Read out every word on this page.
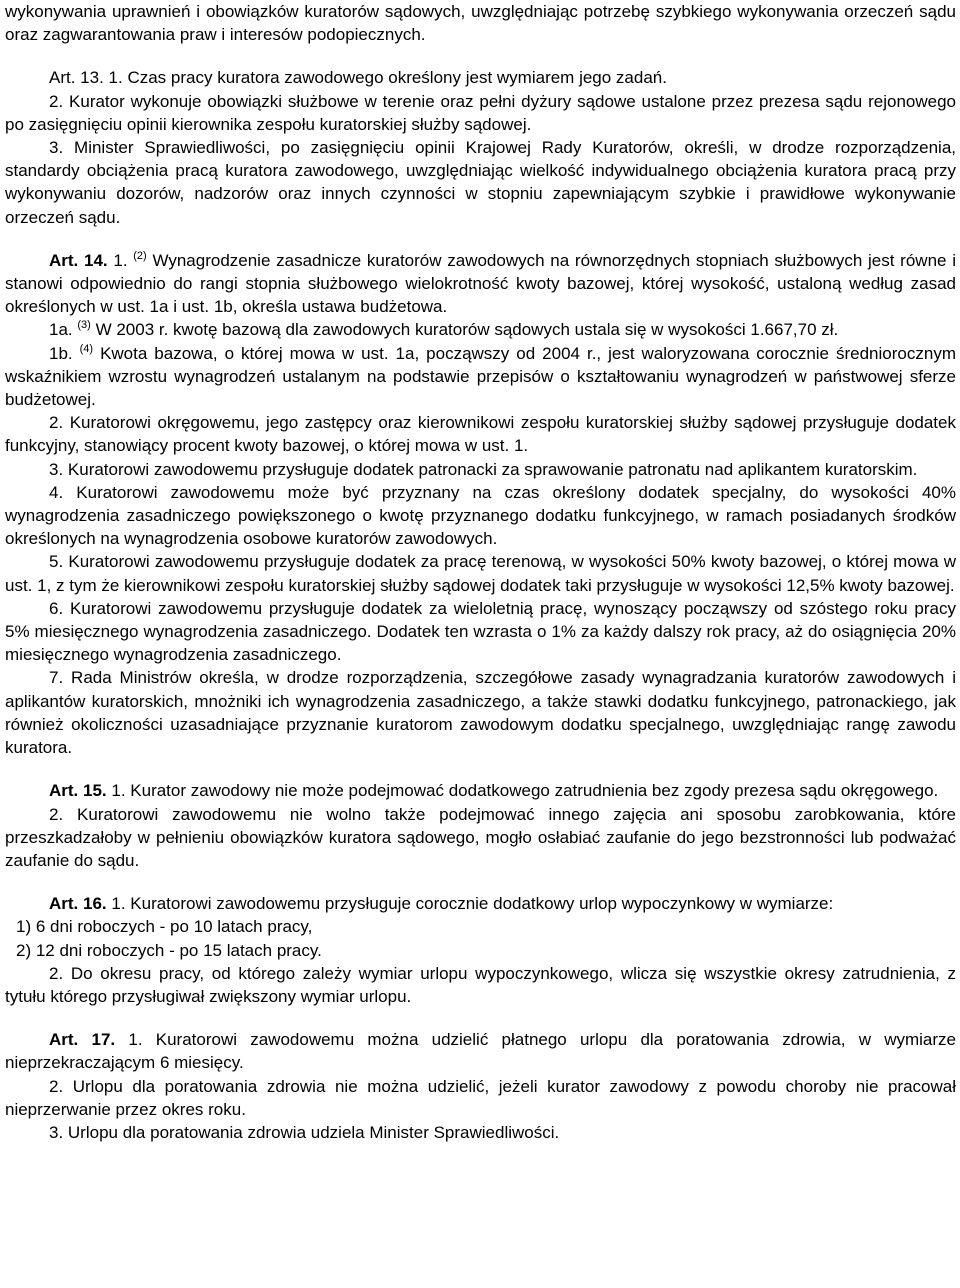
wykonywania uprawnień i obowiązków kuratorów sądowych, uwzględniając potrzebę szybkiego wykonywania orzeczeń sądu oraz zagwarantowania praw i interesów podopiecznych.

Art. 13. 1. Czas pracy kuratora zawodowego określony jest wymiarem jego zadań.

2. Kurator wykonuje obowiązki służbowe w terenie oraz pełni dyżury sądowe ustalone przez prezesa sądu rejonowego po zasięgnięciu opinii kierownika zespołu kuratorskiej służby sądowej.

3. Minister Sprawiedliwości, po zasięgnięciu opinii Krajowej Rady Kuratorów, określi, w drodze rozporządzenia, standardy obciążenia pracą kuratora zawodowego, uwzględniając wielkość indywidualnego obciążenia kuratora pracą przy wykonywaniu dozorów, nadzorów oraz innych czynności w stopniu zapewniającym szybkie i prawidłowe wykonywanie orzeczeń sądu.

Art. 14. 1. $^{(2)}$ Wynagrodzenie zasadnicze kuratorów zawodowych na równorzędnych stopniach służbowych jest równe i stanowi odpowiednio do rangi stopnia służbowego wielokrotność kwoty bazowej, której wysokość, ustaloną według zasad określonych w ust. 1a i ust. 1b, określa ustawa budżetowa.

1a. $^{(3)}$ W 2003 r. kwotę bazową dla zawodowych kuratorów sądowych ustala się w wysokości 1.667,70 zł.

1b. $^{(4)}$ Kwota bazowa, o której mowa w ust. 1a, począwszy od 2004 r., jest waloryzowana corocznie średniorocznym wskaźnikiem wzrostu wynagrodzeń ustalanym na podstawie przepisów o kształtowaniu wynagrodzeń w państwowej sferze budżetowej.

2. Kuratorowi okręgowemu, jego zastępcy oraz kierownikowi zespołu kuratorskiej służby sądowej przysługuje dodatek funkcyjny, stanowiący procent kwoty bazowej, o której mowa w ust. 1.

3. Kuratorowi zawodowemu przysługuje dodatek patronacki za sprawowanie patronatu nad aplikantem kuratorskim.

4. Kuratorowi zawodowemu może być przyznany na czas określony dodatek specjalny, do wysokości 40% wynagrodzenia zasadniczego powiększonego o kwotę przyznanego dodatku funkcyjnego, w ramach posiadanych środków określonych na wynagrodzenia osobowe kuratorów zawodowych.

5. Kuratorowi zawodowemu przysługuje dodatek za pracę terenową, w wysokości 50% kwoty bazowej, o której mowa w ust. 1, z tym że kierownikowi zespołu kuratorskiej służby sądowej dodatek taki przysługuje w wysokości 12,5% kwoty bazowej.

6. Kuratorowi zawodowemu przysługuje dodatek za wieloletnią pracę, wynoszący począwszy od szóstego roku pracy 5% miesięcznego wynagrodzenia zasadniczego. Dodatek ten wzrasta o 1% za każdy dalszy rok pracy, aż do osiągnięcia 20% miesięcznego wynagrodzenia zasadniczego.

7. Rada Ministrów określa, w drodze rozporządzenia, szczegółowe zasady wynagradzania kuratorów zawodowych i aplikantów kuratorskich, mnożniki ich wynagrodzenia zasadniczego, a także stawki dodatku funkcyjnego, patronackiego, jak również okoliczności uzasadniające przyznanie kuratorom zawodowym dodatku specjalnego, uwzględniając rangę zawodu kuratora.

Art. 15. 1. Kurator zawodowy nie może podejmować dodatkowego zatrudnienia bez zgody prezesa sądu okręgowego.

2. Kuratorowi zawodowemu nie wolno także podejmować innego zajęcia ani sposobu zarobkowania, które przeszkadzałoby w pełnieniu obowiązków kuratora sądowego, mogło osłabiać zaufanie do jego bezstronności lub podważać zaufanie do sądu.

Art. 16. 1. Kuratorowi zawodowemu przysługuje corocznie dodatkowy urlop wypoczynkowy w wymiarze:

1) 6 dni roboczych - po 10 latach pracy,

2) 12 dni roboczych - po 15 latach pracy.

2. Do okresu pracy, od którego zależy wymiar urlopu wypoczynkowego, wlicza się wszystkie okresy zatrudnienia, z tytułu którego przysługiwał zwiększony wymiar urlopu.

Art. 17. 1. Kuratorowi zawodowemu można udzielić płatnego urlopu dla poratowania zdrowia, w wymiarze nieprzekraczającym 6 miesięcy.

2. Urlopu dla poratowania zdrowia nie można udzielić, jeżeli kurator zawodowy z powodu choroby nie pracował nieprzerwanie przez okres roku.

3. Urlopu dla poratowania zdrowia udziela Minister Sprawiedliwości.
